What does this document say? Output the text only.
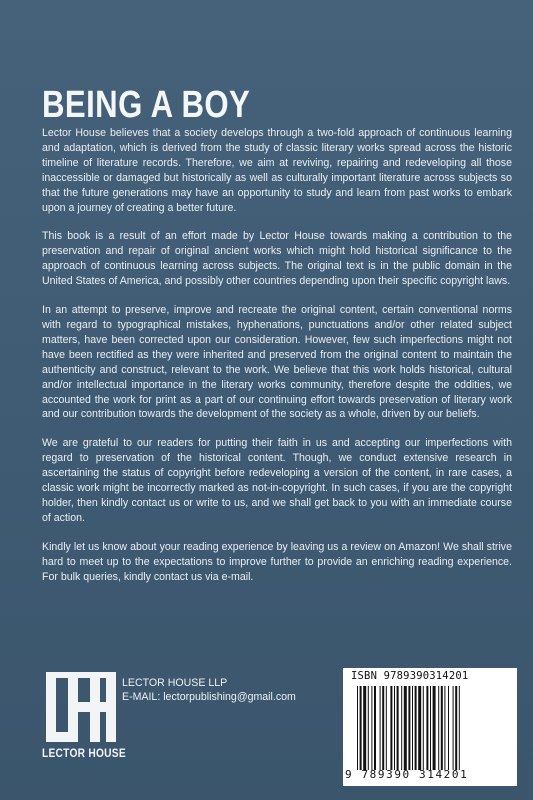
BEING A BOY

Lector House believes that a society develops through a two-fold approach of continuous learning and adaptation, which is derived from the study of classic literary works spread across the historic timeline of literature records. Therefore, we aim at reviving, repairing and redeveloping all those inaccessible or damaged but historically as well as culturally important literature across subjects so that the future generations may have an opportunity to study and learn from past works to embark upon a journey of creating a better future.

This book is a result of an effort made by Lector House towards making a contribution to the preservation and repair of original ancient works which might hold historical significance to the approach of continuous learning across subjects. The original text is in the public domain in the United States of America, and possibly other countries depending upon their specific copyright laws.

In an attempt to preserve, improve and recreate the original content, certain conventional norms with regard to typographical mistakes, hyphenations, punctuations and/or other related subject matters, have been corrected upon our consideration. However, few such imperfections might not have been rectified as they were inherited and preserved from the original content to maintain the authenticity and construct, relevant to the work. We believe that this work holds historical, cultural and/or intellectual importance in the literary works community, therefore despite the oddities, we accounted the work for print as a part of our continuing effort towards preservation of literary work and our contribution towards the development of the society as a whole, driven by our beliefs.

We are grateful to our readers for putting their faith in us and accepting our imperfections with regard to preservation of the historical content. Though, we conduct extensive research in ascertaining the status of copyright before redeveloping a version of the content, in rare cases, a classic work might be incorrectly marked as not-in-copyright. In such cases, if you are the copyright holder, then kindly contact us or write to us, and we shall get back to you with an immediate course of action.

Kindly let us know about your reading experience by leaving us a review on Amazon! We shall strive hard to meet up to the expectations to improve further to provide an enriching reading experience. For bulk queries, kindly contact us via e-mail.

LECTOR HOUSE
LECTOR HOUSE LLP
E-MAIL: lectorpublishing@gmail.com
ISBN 9789390314201
9 789390 314201
